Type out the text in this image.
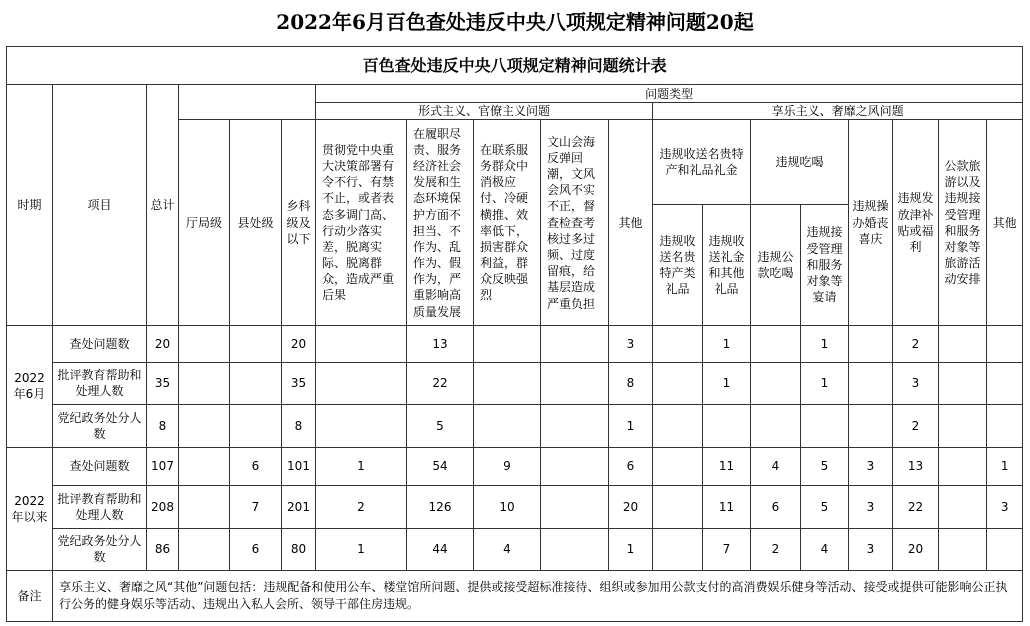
2022年6月百色查处违反中央八项规定精神问题20起
百色查处违反中央八项规定精神问题统计表																		
时期	项目	总计				问题类型												
						形式主义、官僚主义问题					享乐主义、奢靡之风问题							
			厅局级	县处级	乡科级及以下	贯彻党中央重大决策部署有令不行、有禁不止，或者表态多调门高、行动少落实差，脱离实际、脱离群众，造成严重后果	在履职尽责、服务经济社会发展和生态环境保护方面不担当、不作为、乱作为、假作为，严重影响高质量发展	在联系服务群众中消极应付、冷硬横推、效率低下，损害群众利益，群众反映强烈	文山会海反弹回潮，文风会风不实不正，督查检查考核过多过频、过度留痕，给基层造成严重负担	其他	违规收送名贵特产和礼品礼金		违规吃喝		违规操办婚丧喜庆	违规发放津补贴或福利	公款旅游以及违规接受管理和服务对象等旅游活动安排	其他
											违规收送名贵特产类礼品	违规收送礼金和其他礼品	违规公款吃喝	违规接受管理和服务对象等宴请				
2022年6月	查处问题数	20			20		13			3		1		1		2		
	批评教育帮助和处理人数	35			35		22			8		1		1		3		
	党纪政务处分人数	8			8		5			1						2		
2022年以来	查处问题数	107		6	101	1	54	9		6		11	4	5	3	13		1
	批评教育帮助和处理人数	208		7	201	2	126	10		20		11	6	5	3	22		3
	党纪政务处分人数	86		6	80	1	44	4		1		7	2	4	3	20		
备注	享乐主义、奢靡之风“其他”问题包括：违规配备和使用公车、楼堂馆所问题、提供或接受超标准接待、组织或参加用公款支付的高消费娱乐健身等活动、接受或提供可能影响公正执行公务的健身娱乐等活动、违规出入私人会所、领导干部住房违规。																	
